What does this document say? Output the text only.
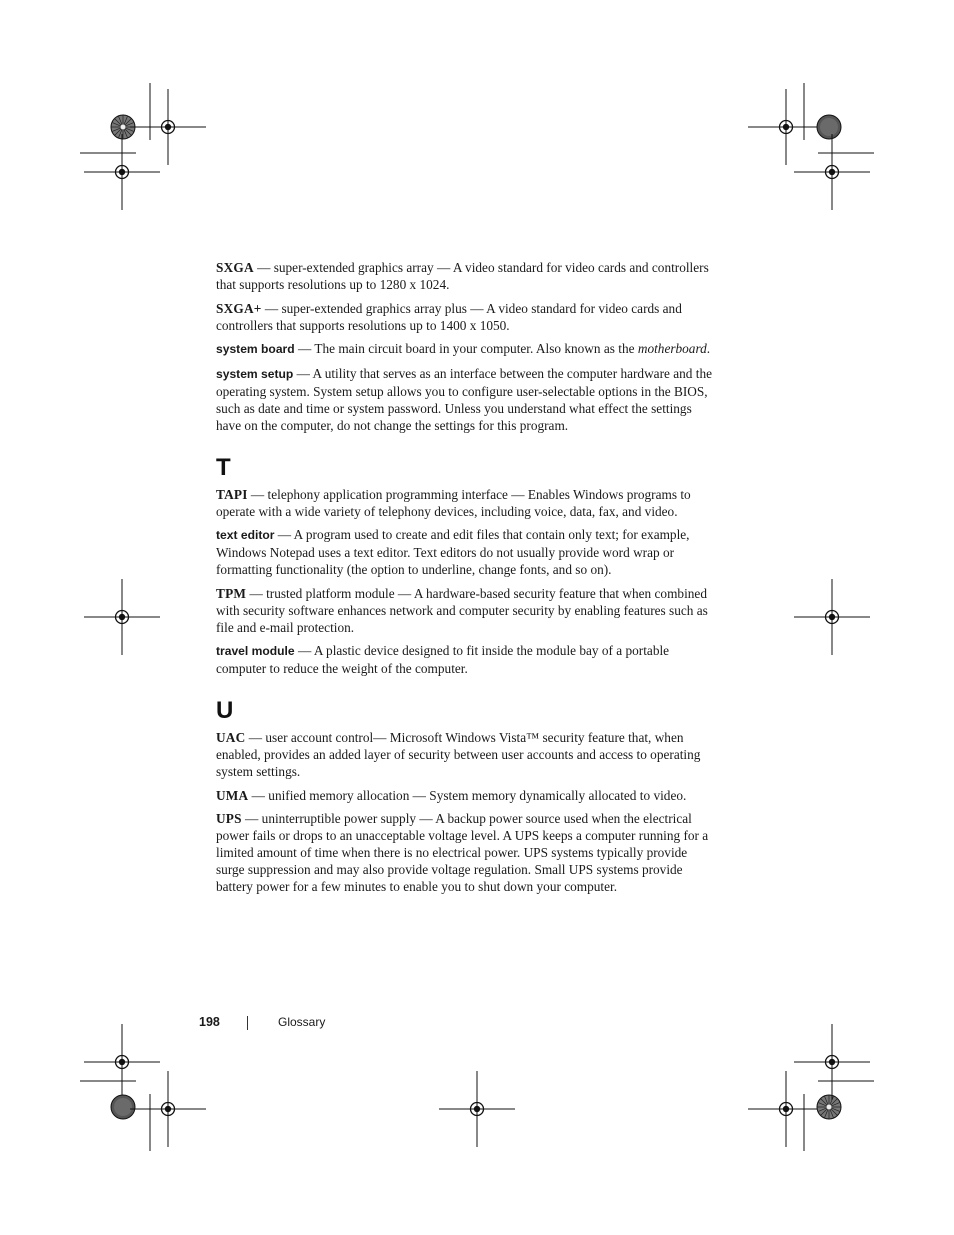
SXGA — super-extended graphics array — A video standard for video cards and controllers that supports resolutions up to 1280 x 1024.

SXGA+ — super-extended graphics array plus — A video standard for video cards and controllers that supports resolutions up to 1400 x 1050.

system board — The main circuit board in your computer. Also known as the motherboard.

system setup — A utility that serves as an interface between the computer hardware and the operating system. System setup allows you to configure user-selectable options in the BIOS, such as date and time or system password. Unless you understand what effect the settings have on the computer, do not change the settings for this program.

T

TAPI — telephony application programming interface — Enables Windows programs to operate with a wide variety of telephony devices, including voice, data, fax, and video.

text editor — A program used to create and edit files that contain only text; for example, Windows Notepad uses a text editor. Text editors do not usually provide word wrap or formatting functionality (the option to underline, change fonts, and so on).

TPM — trusted platform module — A hardware-based security feature that when combined with security software enhances network and computer security by enabling features such as file and e-mail protection.

travel module — A plastic device designed to fit inside the module bay of a portable computer to reduce the weight of the computer.

U

UAC — user account control— Microsoft Windows Vista™ security feature that, when enabled, provides an added layer of security between user accounts and access to operating system settings.

UMA — unified memory allocation — System memory dynamically allocated to video.

UPS — uninterruptible power supply — A backup power source used when the electrical power fails or drops to an unacceptable voltage level. A UPS keeps a computer running for a limited amount of time when there is no electrical power. UPS systems typically provide surge suppression and may also provide voltage regulation. Small UPS systems provide battery power for a few minutes to enable you to shut down your computer.

198	Glossary
